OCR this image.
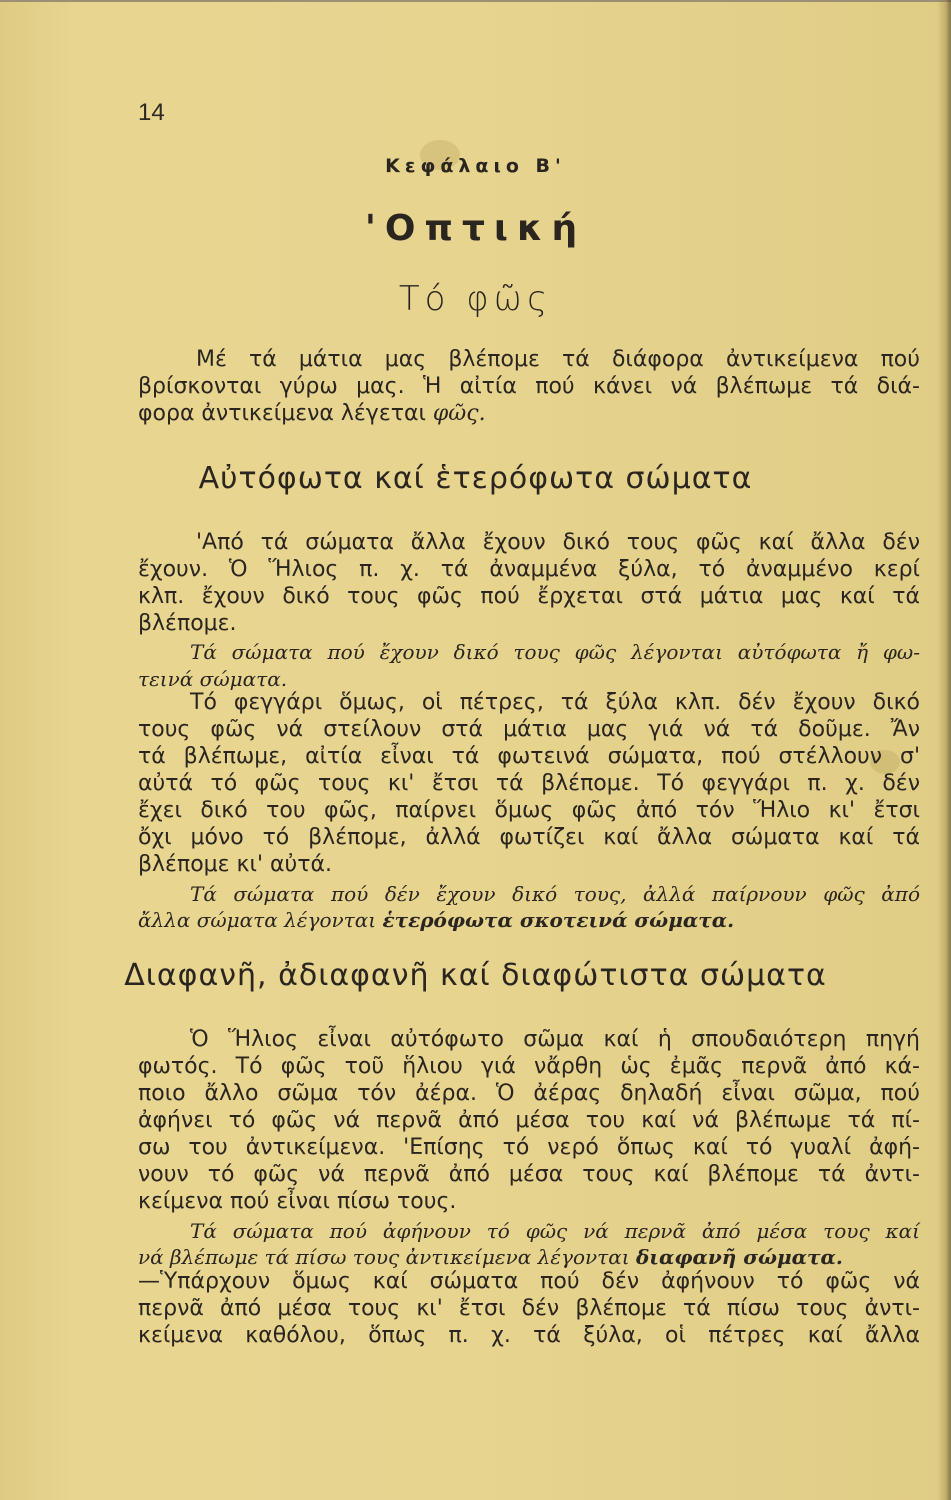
14
Κεφάλαιο Β'
'Οπτική
Τό φῶς
Μέ τά μάτια μας βλέπομε τά διάφορα ἀντικείμενα πού
βρίσκονται γύρω μας. Ἡ αἰτία πού κάνει νά βλέπωμε τά διά-
φορα ἀντικείμενα λέγεται φῶς.
Αὐτόφωτα καί ἑτερόφωτα σώματα
'Από τά σώματα ἄλλα ἔχουν δικό τους φῶς καί ἄλλα δέν
ἔχουν. Ὁ Ἥλιος π. χ. τά ἀναμμένα ξύλα, τό ἀναμμένο κερί
κλπ. ἔχουν δικό τους φῶς πού ἔρχεται στά μάτια μας καί τά
βλέπομε.
Τά σώματα πού ἔχουν δικό τους φῶς λέγονται αὐτόφωτα ἤ φω-
τεινά σώματα.
Τό φεγγάρι ὅμως, οἱ πέτρες, τά ξύλα κλπ. δέν ἔχουν δικό
τους φῶς νά στείλουν στά μάτια μας γιά νά τά δοῦμε. Ἄν
τά βλέπωμε, αἰτία εἶναι τά φωτεινά σώματα, πού στέλλουν σ'
αὐτά τό φῶς τους κι' ἔτσι τά βλέπομε. Τό φεγγάρι π. χ. δέν
ἔχει δικό του φῶς, παίρνει ὅμως φῶς ἀπό τόν Ἥλιο κι' ἔτσι
ὄχι μόνο τό βλέπομε, ἀλλά φωτίζει καί ἄλλα σώματα καί τά
βλέπομε κι' αὐτά.
Τά σώματα πού δέν ἔχουν δικό τους, ἀλλά παίρνουν φῶς ἀπό
ἄλλα σώματα λέγονται ἑτερόφωτα σκοτεινά σώματα.
Διαφανῆ, ἀδιαφανῆ καί διαφώτιστα σώματα
Ὁ Ἥλιος εἶναι αὐτόφωτο σῶμα καί ἡ σπουδαιότερη πηγή
φωτός. Τό φῶς τοῦ ἥλιου γιά νἄρθη ὡς ἐμᾶς περνᾶ ἀπό κά-
ποιο ἄλλο σῶμα τόν ἀέρα. Ὁ ἀέρας δηλαδή εἶναι σῶμα, πού
ἀφήνει τό φῶς νά περνᾶ ἀπό μέσα του καί νά βλέπωμε τά πί-
σω του ἀντικείμενα. 'Επίσης τό νερό ὅπως καί τό γυαλί ἀφή-
νουν τό φῶς νά περνᾶ ἀπό μέσα τους καί βλέπομε τά ἀντι-
κείμενα πού εἶναι πίσω τους.
Τά σώματα πού ἀφήνουν τό φῶς νά περνᾶ ἀπό μέσα τους καί
νά βλέπωμε τά πίσω τους ἀντικείμενα λέγονται διαφανῆ σώματα.
—Ὑπάρχουν ὅμως καί σώματα πού δέν ἀφήνουν τό φῶς νά
περνᾶ ἀπό μέσα τους κι' ἔτσι δέν βλέπομε τά πίσω τους ἀντι-
κείμενα καθόλου, ὅπως π. χ. τά ξύλα, οἱ πέτρες καί ἄλλα
